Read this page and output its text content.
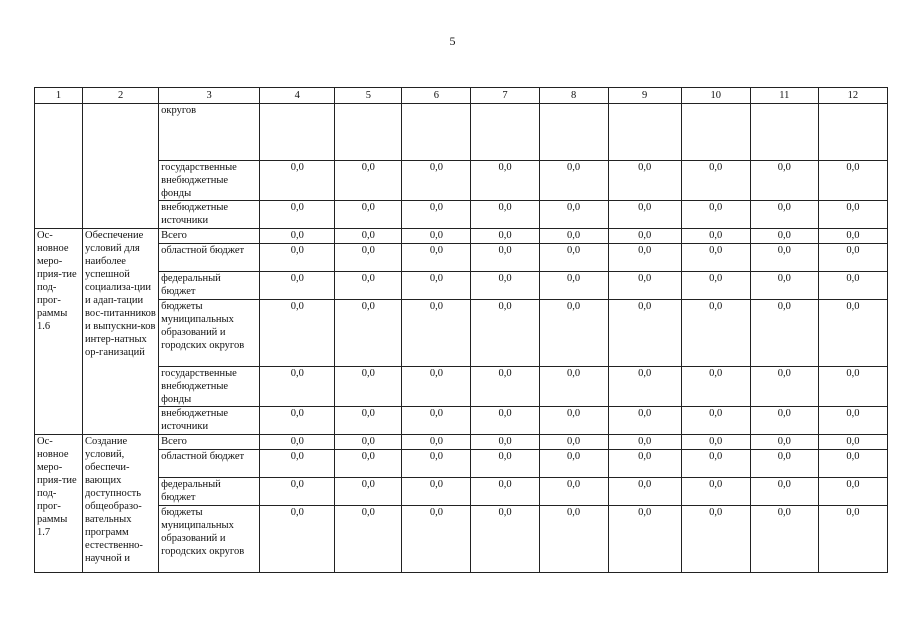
5
1	2	3	4	5	6	7	8	9	10	11	12
		округов									
		государственные внебюджетные фонды	0,0	0,0	0,0	0,0	0,0	0,0	0,0	0,0	0,0
		внебюджетные источники	0,0	0,0	0,0	0,0	0,0	0,0	0,0	0,0	0,0
Ос-новное меро-прия-тие под-прог-раммы 1.6	Обеспечение условий для наиболее успешной социализа-ции и адап-тации вос-питанников и выпускни-ков интер-натных ор-ганизаций	Всего	0,0	0,0	0,0	0,0	0,0	0,0	0,0	0,0	0,0
		областной бюджет	0,0	0,0	0,0	0,0	0,0	0,0	0,0	0,0	0,0
		федеральный бюджет	0,0	0,0	0,0	0,0	0,0	0,0	0,0	0,0	0,0
		бюджеты муниципальных образований и городских округов	0,0	0,0	0,0	0,0	0,0	0,0	0,0	0,0	0,0
		государственные внебюджетные фонды	0,0	0,0	0,0	0,0	0,0	0,0	0,0	0,0	0,0
		внебюджетные источники	0,0	0,0	0,0	0,0	0,0	0,0	0,0	0,0	0,0
Ос-новное меро-прия-тие под-прог-раммы 1.7	Создание условий, обеспечи-вающих доступность общеобразо-вательных программ естественно-научной и	Всего	0,0	0,0	0,0	0,0	0,0	0,0	0,0	0,0	0,0
		областной бюджет	0,0	0,0	0,0	0,0	0,0	0,0	0,0	0,0	0,0
		федеральный бюджет	0,0	0,0	0,0	0,0	0,0	0,0	0,0	0,0	0,0
		бюджеты муниципальных образований и городских округов	0,0	0,0	0,0	0,0	0,0	0,0	0,0	0,0	0,0
